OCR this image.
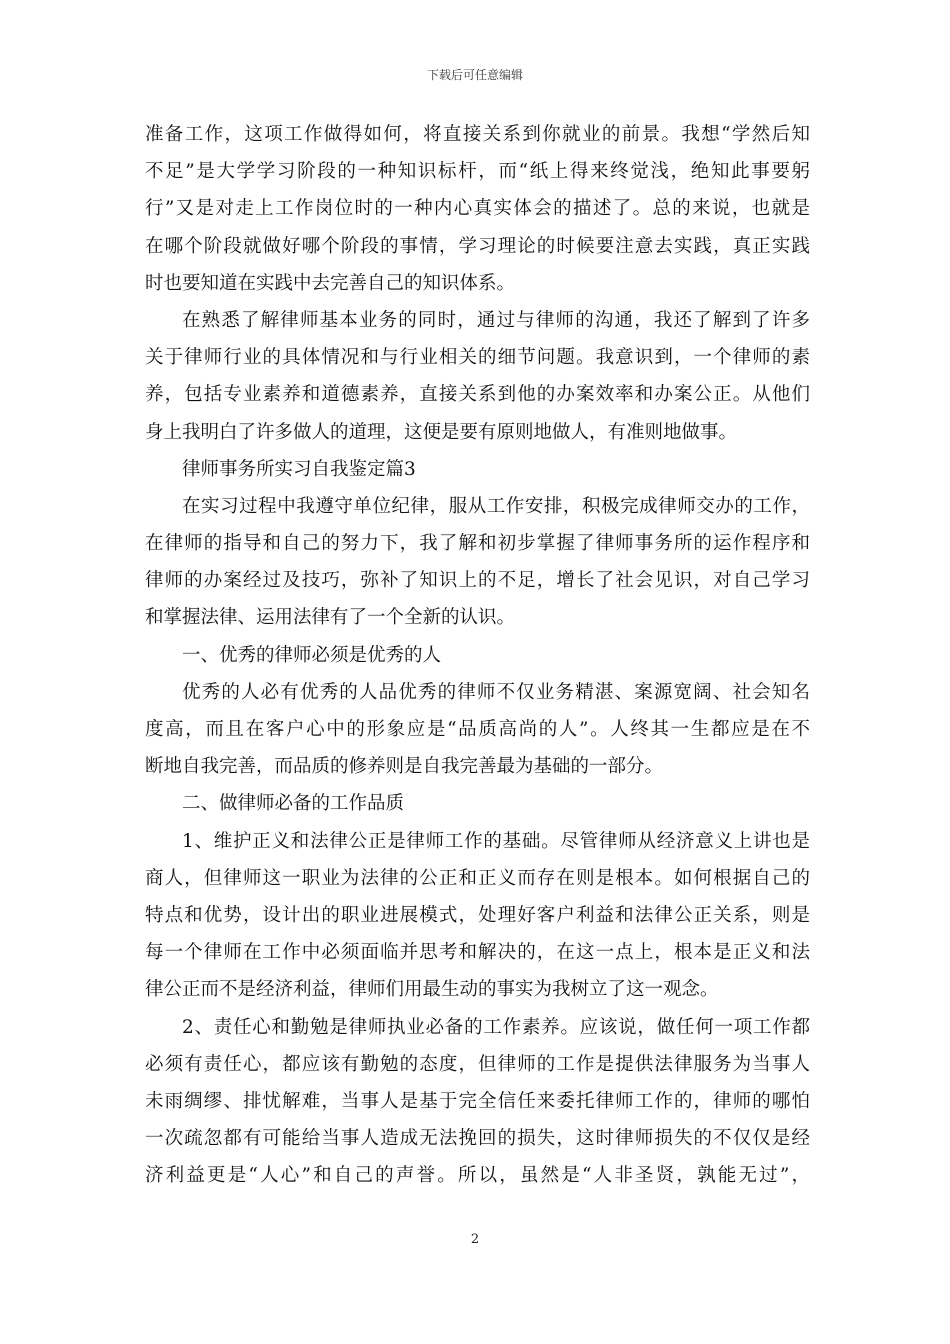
下载后可任意编辑
准备工作，这项工作做得如何，将直接关系到你就业的前景。我想“学然后知
不足”是大学学习阶段的一种知识标杆，而“纸上得来终觉浅，绝知此事要躬
行”又是对走上工作岗位时的一种内心真实体会的描述了。总的来说，也就是
在哪个阶段就做好哪个阶段的事情，学习理论的时候要注意去实践，真正实践
时也要知道在实践中去完善自己的知识体系。
在熟悉了解律师基本业务的同时，通过与律师的沟通，我还了解到了许多
关于律师行业的具体情况和与行业相关的细节问题。我意识到，一个律师的素
养，包括专业素养和道德素养，直接关系到他的办案效率和办案公正。从他们
身上我明白了许多做人的道理，这便是要有原则地做人，有准则地做事。
律师事务所实习自我鉴定篇3
在实习过程中我遵守单位纪律，服从工作安排，积极完成律师交办的工作，
在律师的指导和自己的努力下，我了解和初步掌握了律师事务所的运作程序和
律师的办案经过及技巧，弥补了知识上的不足，增长了社会见识，对自己学习
和掌握法律、运用法律有了一个全新的认识。
一、优秀的律师必须是优秀的人
优秀的人必有优秀的人品优秀的律师不仅业务精湛、案源宽阔、社会知名
度高，而且在客户心中的形象应是“品质高尚的人”。人终其一生都应是在不
断地自我完善，而品质的修养则是自我完善最为基础的一部分。
二、做律师必备的工作品质
1、维护正义和法律公正是律师工作的基础。尽管律师从经济意义上讲也是
商人，但律师这一职业为法律的公正和正义而存在则是根本。如何根据自己的
特点和优势，设计出的职业进展模式，处理好客户利益和法律公正关系，则是
每一个律师在工作中必须面临并思考和解决的，在这一点上，根本是正义和法
律公正而不是经济利益，律师们用最生动的事实为我树立了这一观念。
2、责任心和勤勉是律师执业必备的工作素养。应该说，做任何一项工作都
必须有责任心，都应该有勤勉的态度，但律师的工作是提供法律服务为当事人
未雨绸缪、排忧解难，当事人是基于完全信任来委托律师工作的，律师的哪怕
一次疏忽都有可能给当事人造成无法挽回的损失，这时律师损失的不仅仅是经
济利益更是“人心”和自己的声誉。所以，虽然是“人非圣贤，孰能无过”，
2
